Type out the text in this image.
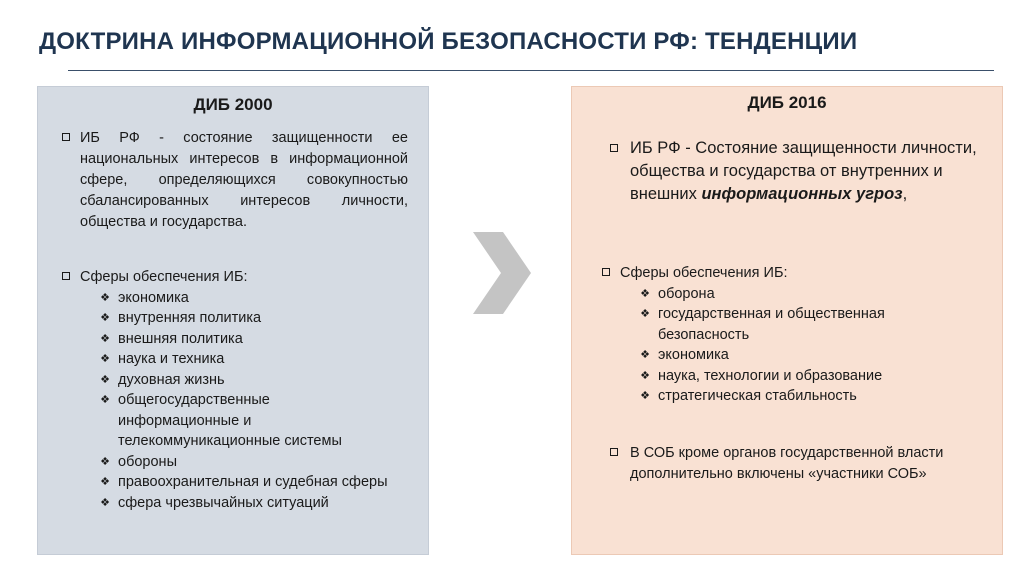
ДОКТРИНА ИНФОРМАЦИОННОЙ БЕЗОПАСНОСТИ РФ: ТЕНДЕНЦИИ
ДИБ 2000
ИБ РФ - состояние защищенности ее национальных интересов в информационной сфере, определяющихся совокупностью сбалансированных интересов личности, общества и государства.
Сферы обеспечения ИБ:
❖ экономика
❖ внутренняя политика
❖ внешняя политика
❖ наука и техника
❖ духовная жизнь
❖ общегосударственные информационные и телекоммуникационные системы
❖ обороны
❖ правоохранительная и судебная сферы
❖ сфера чрезвычайных ситуаций
ДИБ 2016
ИБ РФ - Состояние защищенности личности, общества и государства от внутренних и внешних информационных угроз,
Сферы обеспечения ИБ:
❖ оборона
❖ государственная и общественная безопасность
❖ экономика
❖ наука, технологии и образование
❖ стратегическая стабильность
В СОБ кроме органов государственной власти дополнительно включены «участники СОБ»
